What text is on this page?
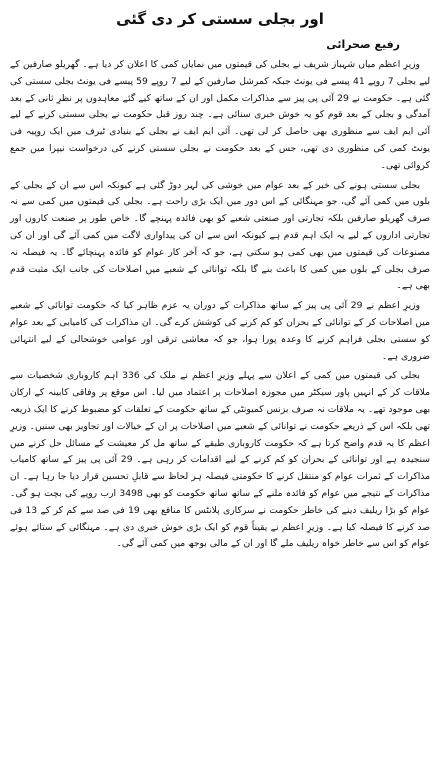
اور بجلی سستی کر دی گئی
رفیع صحرائی

وزیرِ اعظم میاں شہباز شریف نے بجلی کی قیمتوں میں نمایاں کمی کا اعلان کر دیا ہے۔ گھریلو صارفین کے لیے بجلی 7 روپے 41 پیسے فی یونٹ جبکہ کمرشل صارفین کے لیے 7 روپے 59 پیسے فی یونٹ بجلی سستی کی گئی ہے۔ حکومت نے 29 آئی پی پیز سے مذاکرات مکمل اور ان کے ساتھ کیے گئے معاہدوں پر نظرِ ثانی کے بعد آمدگی و بجلی کے بعد قوم کو یہ خوش خبری سنائی ہے۔ چند روز قبل حکومت نے بجلی سستی کرنے کے لیے آئی ایم ایف سے منظوری بھی حاصل کر لی تھی۔ آئی ایم ایف نے بجلی کے بنیادی ٹیرف میں ایک روپیہ فی یونٹ کمی کی منظوری دی تھی، جس کے بعد حکومت نے بجلی سستی کرنے کی درخواست نیپرا میں جمع کروائی تھی۔

بجلی سستی ہونے کی خبر کے بعد عوام میں خوشی کی لہر دوڑ گئی ہے کیونکہ اس سے ان کے بجلی کے بلوں میں کمی آئے گی، جو مہنگائی کے اس دور میں ایک بڑی راحت ہے۔ بجلی کی قیمتوں میں کمی سے نہ صرف گھریلو صارفین بلکہ تجارتی اور صنعتی شعبے کو بھی فائدہ پہنچے گا۔ خاص طور پر صنعت کاروں اور تجارتی اداروں کے لیے یہ ایک اہم قدم ہے کیونکہ اس سے ان کی پیداواری لاگت میں کمی آئے گی اور ان کی مصنوعات کی قیمتوں میں بھی کمی ہو سکتی ہے، جو کہ آخر کار عوام کو فائدہ پہنچائے گا۔ یہ فیصلہ نہ صرف بجلی کے بلوں میں کمی کا باعث بنے گا بلکہ توانائی کے شعبے میں اصلاحات کی جانب ایک مثبت قدم بھی ہے۔

وزیرِ اعظم نے 29 آئی پی پیز کے ساتھ مذاکرات کے دوران یہ عزم ظاہر کیا کہ حکومت توانائی کے شعبے میں اصلاحات کر کے توانائی کے بحران کو کم کرنے کی کوشش کرے گی۔ ان مذاکرات کی کامیابی کے بعد عوام کو سستی بجلی فراہم کرنے کا وعدہ پورا ہوا، جو کہ معاشی ترقی اور عوامی خوشحالی کے لیے انتہائی ضروری ہے۔

بجلی کی قیمتوں میں کمی کے اعلان سے پہلے وزیرِ اعظم نے ملک کی 336 اہم کاروباری شخصیات سے ملاقات کر کے انہیں پاور سیکٹر میں مجوزہ اصلاحات پر اعتماد میں لیا۔ اس موقع پر وفاقی کابینہ کے ارکان بھی موجود تھے۔ یہ ملاقات نہ صرف بزنس کمیونٹی کے ساتھ حکومت کے تعلقات کو مضبوط کرنے کا ایک ذریعہ تھی بلکہ اس کے ذریعے حکومت نے توانائی کے شعبے میں اصلاحات پر ان کے خیالات اور تجاویز بھی سنیں۔ وزیرِ اعظم کا یہ قدم واضح کرتا ہے کہ حکومت کاروباری طبقے کے ساتھ مل کر معیشت کے مسائل حل کرنے میں سنجیدہ ہے اور توانائی کے بحران کو کم کرنے کے لیے اقدامات کر رہی ہے۔ 29 آئی پی پیز کے ساتھ کامیاب مذاکرات کے ثمرات عوام کو منتقل کرنے کا حکومتی فیصلہ ہر لحاظ سے قابلِ تحسین قرار دیا جا رہا ہے۔ ان مذاکرات کے نتیجے میں عوام کو فائدہ ملنے کے ساتھ ساتھ حکومت کو بھی 3498 ارب روپے کی بچت ہو گی۔ عوام کو بڑا ریلیف دینے کی خاطر حکومت نے سرکاری پلانٹس کا منافع بھی 19 فی صد سے کم کر کے 13 فی صد کرنے کا فیصلہ کیا ہے۔ وزیرِ اعظم نے یقیناً قوم کو ایک بڑی خوش خبری دی ہے۔ مہنگائی کے ستائے ہوئے عوام کو اس سے خاطر خواہ ریلیف ملے گا اور ان کے مالی بوجھ میں کمی آئے گی۔
